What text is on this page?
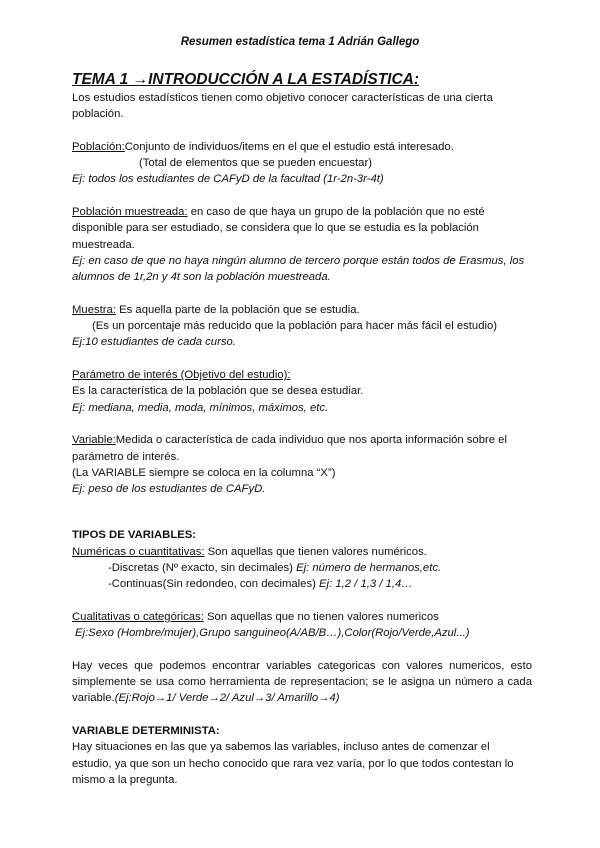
Resumen estadística tema 1 Adrián Gallego

TEMA 1 →INTRODUCCIÓN A LA ESTADÍSTICA:

Los estudios estadísticos tienen como objetivo conocer características de una cierta población.

Población:Conjunto de individuos/items en el que el estudio está interesado.

(Total de elementos que se pueden encuestar)

Ej: todos los estudiantes de CAFyD de la facultad (1r-2n-3r-4t)

Población muestreada: en caso de que haya un grupo de la población que no esté disponible para ser estudiado, se considera que lo que se estudia es la población muestreada.

Ej: en caso de que no haya ningún alumno de tercero porque están todos de Erasmus, los alumnos de 1r,2n y 4t son la población muestreada.

Muestra: Es aquella parte de la población que se estudia.

(Es un porcentaje más reducido que la población para hacer más fácil el estudio)

Ej:10 estudiantes de cada curso.

Parámetro de interés (Objetivo del estudio):

Es la característica de la población que se desea estudiar.

Ej: mediana, media, moda, mínimos, máximos, etc.

Variable:Medida o característica de cada individuo que nos aporta información sobre el parámetro de interés.

(La VARIABLE siempre se coloca en la columna “X”)

Ej: peso de los estudiantes de CAFyD.

TIPOS DE VARIABLES:

Numéricas o cuantitativas: Son aquellas que tienen valores numéricos.

-Discretas (Nº exacto, sin decimales) Ej: número de hermanos,etc.

-Continuas(Sin redondeo, con decimales) Ej: 1,2 / 1,3 / 1,4…

Cualitativas o categóricas: Son aquellas que no tienen valores numericos

Ej:Sexo (Hombre/mujer),Grupo sanguineo(A/AB/B…),Color(Rojo/Verde,Azul...)

Hay veces que podemos encontrar variables categoricas con valores numericos, esto simplemente se usa como herramienta de representacion; se le asigna un número a cada variable.(Ej:Rojo→1/ Verde→2/ Azul→3/ Amarillo→4)

VARIABLE DETERMINISTA:

Hay situaciones en las que ya sabemos las variables, incluso antes de comenzar el estudio, ya que son un hecho conocido que rara vez varía, por lo que todos contestan lo mismo a la pregunta.
